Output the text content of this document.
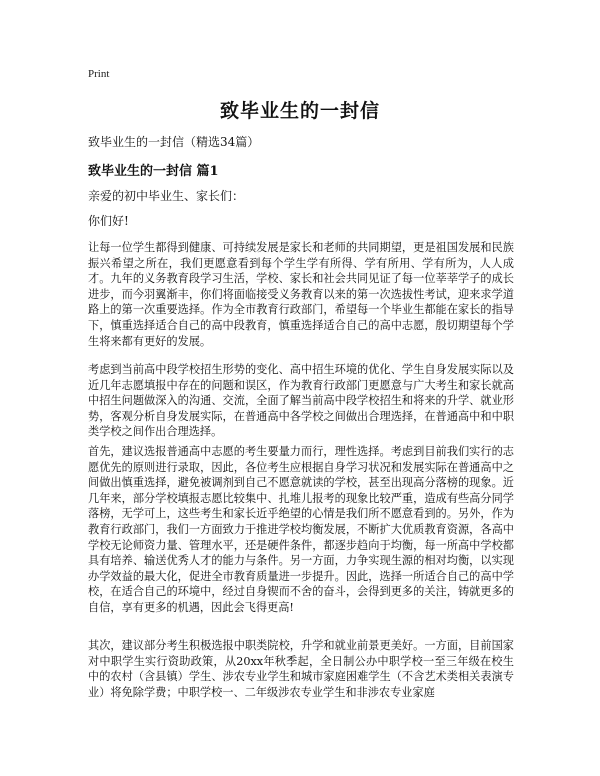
Print
致毕业生的一封信
致毕业生的一封信（精选34篇）
致毕业生的一封信 篇1
亲爱的初中毕业生、家长们：
你们好!

让每一位学生都得到健康、可持续发展是家长和老师的共同期望，更是祖国发展和民族振兴希望之所在，我们更愿意看到每个学生学有所得、学有所用、学有所为，人人成才。九年的义务教育段学习生活，学校、家长和社会共同见证了每一位莘莘学子的成长进步，而今羽翼渐丰，你们将面临接受义务教育以来的第一次选拔性考试，迎来求学道路上的第一次重要选择。作为全市教育行政部门，希望每一个毕业生都能在家长的指导下，慎重选择适合自己的高中段教育，慎重选择适合自己的高中志愿，殷切期望每个学生将来都有更好的发展。

考虑到当前高中段学校招生形势的变化、高中招生环境的优化、学生自身发展实际以及近几年志愿填报中存在的问题和误区，作为教育行政部门更愿意与广大考生和家长就高中招生问题做深入的沟通、交流，全面了解当前高中段学校招生和将来的升学、就业形势，客观分析自身发展实际，在普通高中各学校之间做出合理选择，在普通高中和中职类学校之间作出合理选择。

首先，建议选报普通高中志愿的考生要量力而行，理性选择。考虑到目前我们实行的志愿优先的原则进行录取，因此，各位考生应根据自身学习状况和发展实际在普通高中之间做出慎重选择，避免被调剂到自己不愿意就读的学校，甚至出现高分落榜的现象。近几年来，部分学校填报志愿比较集中、扎堆儿报考的现象比较严重，造成有些高分同学落榜，无学可上，这些考生和家长近乎绝望的心情是我们所不愿意看到的。另外，作为教育行政部门，我们一方面致力于推进学校均衡发展，不断扩大优质教育资源，各高中学校无论师资力量、管理水平，还是硬件条件，都逐步趋向于均衡，每一所高中学校都具有培养、输送优秀人才的能力与条件。另一方面，力争实现生源的相对均衡，以实现办学效益的最大化，促进全市教育质量进一步提升。因此，选择一所适合自己的高中学校，在适合自己的环境中，经过自身锲而不舍的奋斗，会得到更多的关注，铸就更多的自信，享有更多的机遇，因此会飞得更高!

其次，建议部分考生积极选报中职类院校，升学和就业前景更美好。一方面，目前国家对中职学生实行资助政策，从20xx年秋季起，全日制公办中职学校一至三年级在校生中的农村（含县镇）学生、涉农专业学生和城市家庭困难学生（不含艺术类相关表演专业）将免除学费；中职学校一、二年级涉农专业学生和非涉农专业家庭
